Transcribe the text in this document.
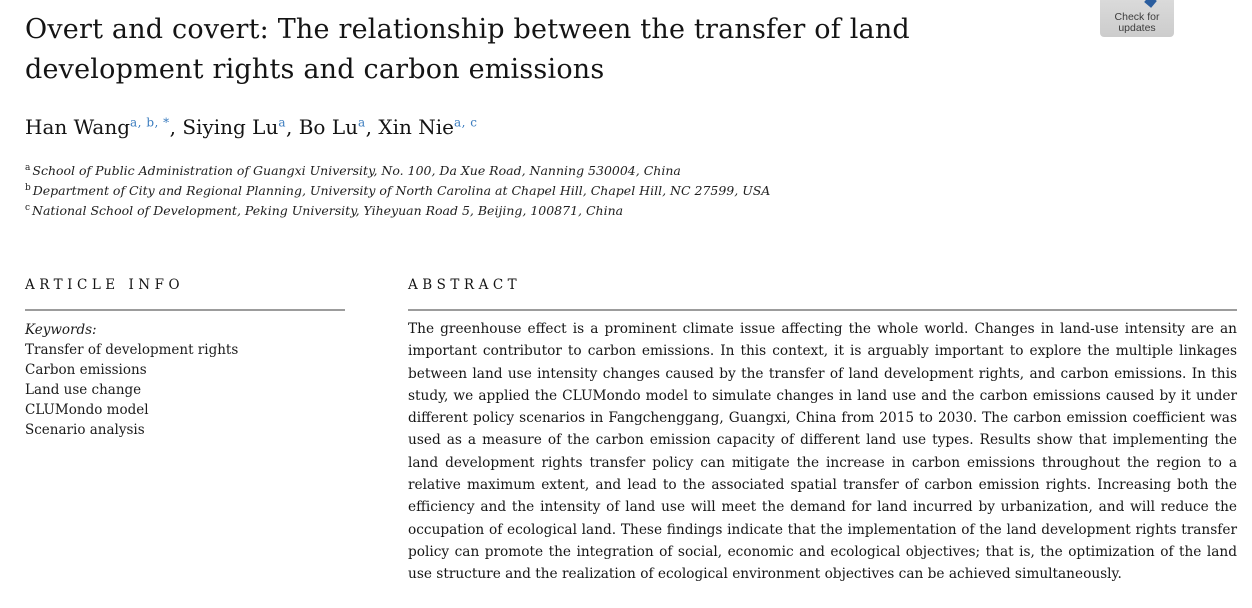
Check for
updates
Overt and covert: The relationship between the transfer of land development rights and carbon emissions
Han Wang$^{a, b, *}$, Siying Lu$^a$, Bo Lu$^a$, Xin Nie$^{a, c}$
$^a$ School of Public Administration of Guangxi University, No. 100, Da Xue Road, Nanning 530004, China
$^b$ Department of City and Regional Planning, University of North Carolina at Chapel Hill, Chapel Hill, NC 27599, USA
$^c$ National School of Development, Peking University, Yiheyuan Road 5, Beijing, 100871, China
ARTICLE INFO
Keywords:
Transfer of development rights
Carbon emissions
Land use change
CLUMondo model
Scenario analysis
ABSTRACT

The greenhouse effect is a prominent climate issue affecting the whole world. Changes in land-use intensity are an important contributor to carbon emissions. In this context, it is arguably important to explore the multiple linkages between land use intensity changes caused by the transfer of land development rights, and carbon emissions. In this study, we applied the CLUMondo model to simulate changes in land use and the carbon emissions caused by it under different policy scenarios in Fangchenggang, Guangxi, China from 2015 to 2030. The carbon emission coefficient was used as a measure of the carbon emission capacity of different land use types. Results show that implementing the land development rights transfer policy can mitigate the increase in carbon emissions throughout the region to a relative maximum extent, and lead to the associated spatial transfer of carbon emission rights. Increasing both the efficiency and the intensity of land use will meet the demand for land incurred by urbanization, and will reduce the occupation of ecological land. These findings indicate that the implementation of the land development rights transfer policy can promote the integration of social, economic and ecological objectives; that is, the optimization of the land use structure and the realization of ecological environment objectives can be achieved simultaneously.
